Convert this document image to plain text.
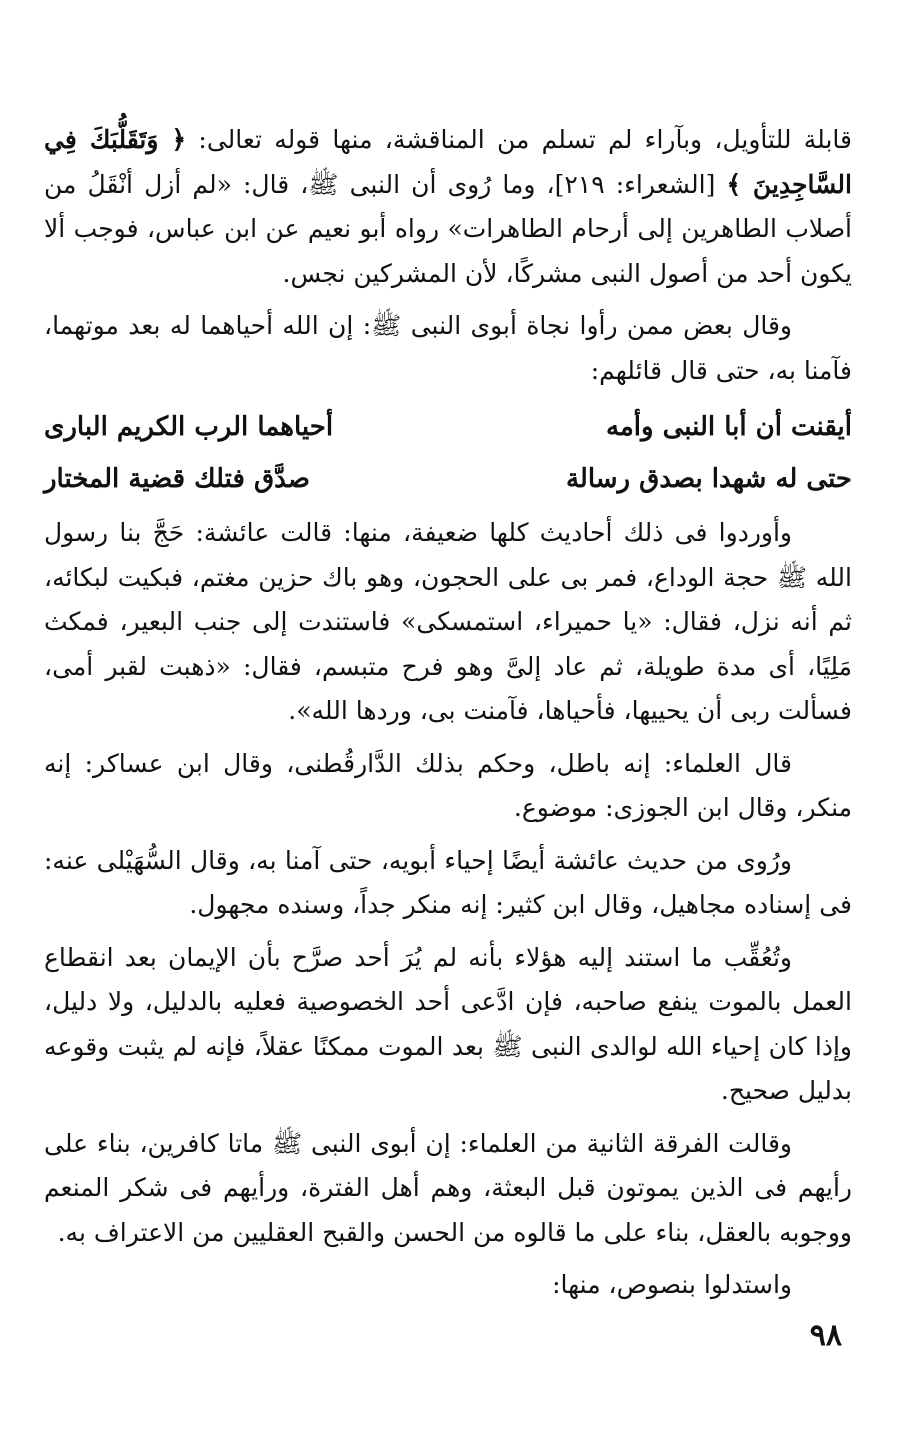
قابلة للتأويل، وبآراء لم تسلم من المناقشة، منها قوله تعالى: ﴿ وَتَقَلُّبَكَ فِي السَّاجِدِينَ ﴾ [الشعراء: ٢١٩]، وما رُوى أن النبى ﷺ، قال: «لم أزل أنْقَلُ من أصلاب الطاهرين إلى أرحام الطاهرات» رواه أبو نعيم عن ابن عباس، فوجب ألا يكون أحد من أصول النبى مشركًا، لأن المشركين نجس.

وقال بعض ممن رأوا نجاة أبوى النبى ﷺ: إن الله أحياهما له بعد موتهما، فآمنا به، حتى قال قائلهم:

أيقنت أن أبا النبى وأمه
أحياهما الرب الكريم البارى
حتى له شهدا بصدق رسالة
صدَّق فتلك قضية المختار

وأوردوا فى ذلك أحاديث كلها ضعيفة، منها: قالت عائشة: حَجَّ بنا رسول الله ﷺ حجة الوداع، فمر بى على الحجون، وهو باك حزين مغتم، فبكيت لبكائه، ثم أنه نزل، فقال: «يا حميراء، استمسكى» فاستندت إلى جنب البعير، فمكث مَلِيًا، أى مدة طويلة، ثم عاد إلىَّ وهو فرح متبسم، فقال: «ذهبت لقبر أمى، فسألت ربى أن يحييها، فأحياها، فآمنت بى، وردها الله».

قال العلماء: إنه باطل، وحكم بذلك الدَّارقُطنى، وقال ابن عساكر: إنه منكر، وقال ابن الجوزى: موضوع.

ورُوى من حديث عائشة أيضًا إحياء أبويه، حتى آمنا به، وقال السُّهَيْلى عنه: فى إسناده مجاهيل، وقال ابن كثير: إنه منكر جداً، وسنده مجهول.

وتُعُقِّب ما استند إليه هؤلاء بأنه لم يُرَ أحد صرَّح بأن الإيمان بعد انقطاع العمل بالموت ينفع صاحبه، فإن ادَّعى أحد الخصوصية فعليه بالدليل، ولا دليل، وإذا كان إحياء الله لوالدى النبى ﷺ بعد الموت ممكنًا عقلاً، فإنه لم يثبت وقوعه بدليل صحيح.

وقالت الفرقة الثانية من العلماء: إن أبوى النبى ﷺ ماتا كافرين، بناء على رأيهم فى الذين يموتون قبل البعثة، وهم أهل الفترة، ورأيهم فى شكر المنعم ووجوبه بالعقل، بناء على ما قالوه من الحسن والقبح العقليين من الاعتراف به.

واستدلوا بنصوص، منها:

٩٨
